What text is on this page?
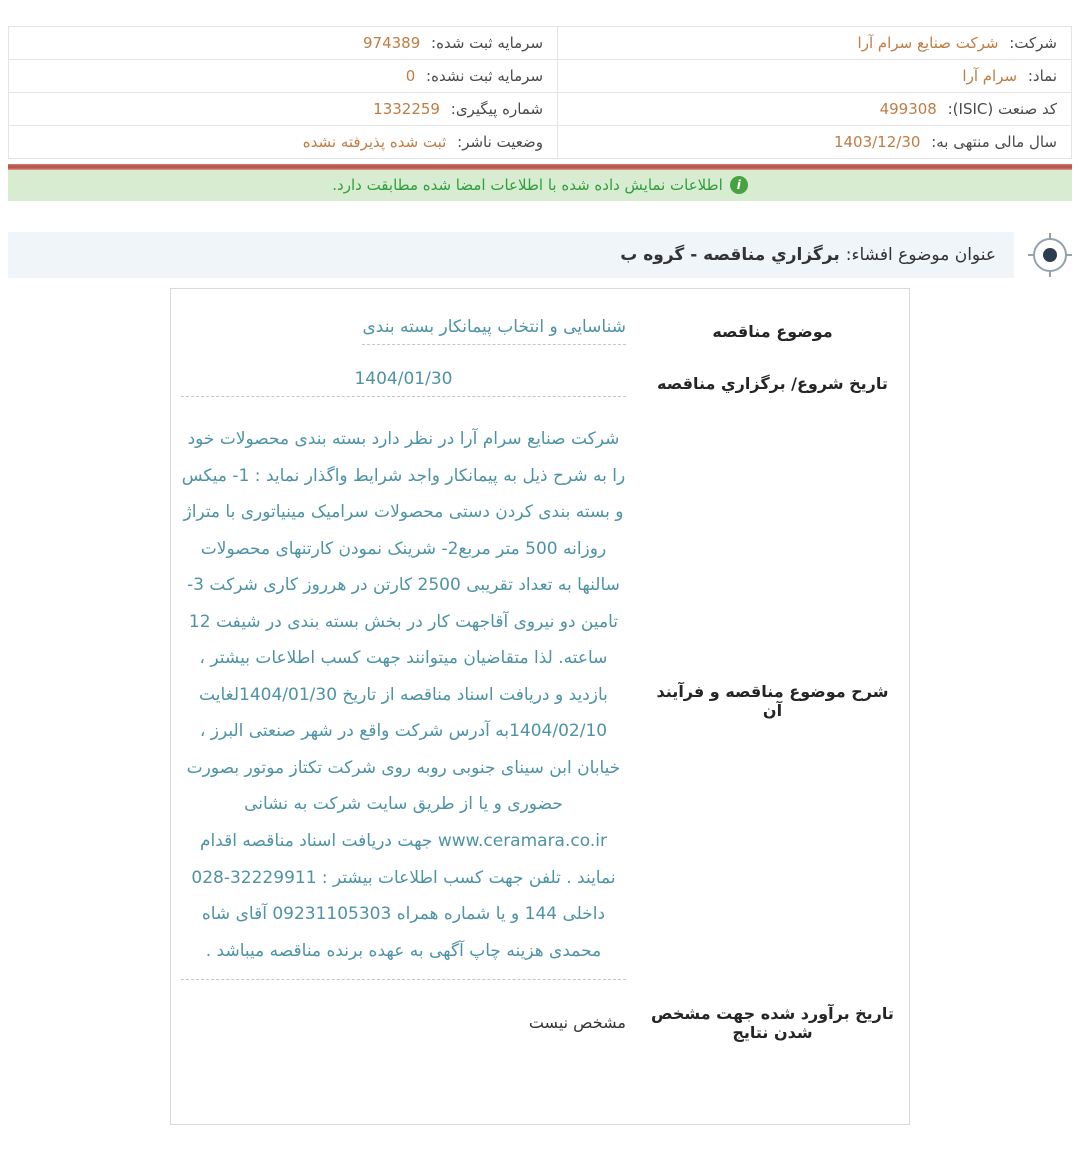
شرکت: شرکت صنایع سرام آرا	سرمایه ثبت شده: 974389
نماد: سرام آرا	سرمایه ثبت نشده: 0
کد صنعت (ISIC): 499308	شماره پیگیری: 1332259
سال مالی منتهی به: 1403/12/30	وضعیت ناشر: ثبت شده پذیرفته نشده
i
اطلاعات نمایش داده شده با اطلاعات امضا شده مطابقت دارد.
عنوان موضوع افشاء:
برگزاري مناقصه - گروه ب
موضوع مناقصه	شناسایی و انتخاب پیمانکار بسته بندی
تاریخ شروع/ برگزاري مناقصه	1404/01/30

شرح موضوع مناقصه و فرآیند آن	شرکت صنایع سرام آرا در نظر دارد بسته بندی محصولات خود را به شرح ذیل به پیمانکار واجد شرایط واگذار نماید : 1- میکس و بسته بندی کردن دستی محصولات سرامیک مینیاتوری با متراژ روزانه 500 متر مربع2- شرینک نمودن کارتنهای محصولات سالنها به تعداد تقریبی 2500 کارتن در هرروز کاری شرکت 3- تامین دو نیروی آقاجهت کار در بخش بسته بندی در شیفت 12 ساعته. لذا متقاضیان میتوانند جهت کسب اطلاعات بیشتر ، بازدید و دریافت اسناد مناقصه از تاریخ 1404/01/30لغایت 1404/02/10به آدرس شرکت واقع در شهر صنعتی البرز ، خیابان ابن سینای جنوبی روبه روی شرکت تکتاز موتور بصورت حضوری و یا از طریق سایت شرکت به نشانی www.ceramara.co.ir جهت دریافت اسناد مناقصه اقدام نمایند . تلفن جهت کسب اطلاعات بیشتر : 32229911-028 داخلی 144 و یا شماره همراه 09231105303 آقای شاه محمدی هزینه چاپ آگهی به عهده برنده مناقصه میباشد .

تاریخ برآورد شده جهت مشخص شدن نتایج	مشخص نیست
